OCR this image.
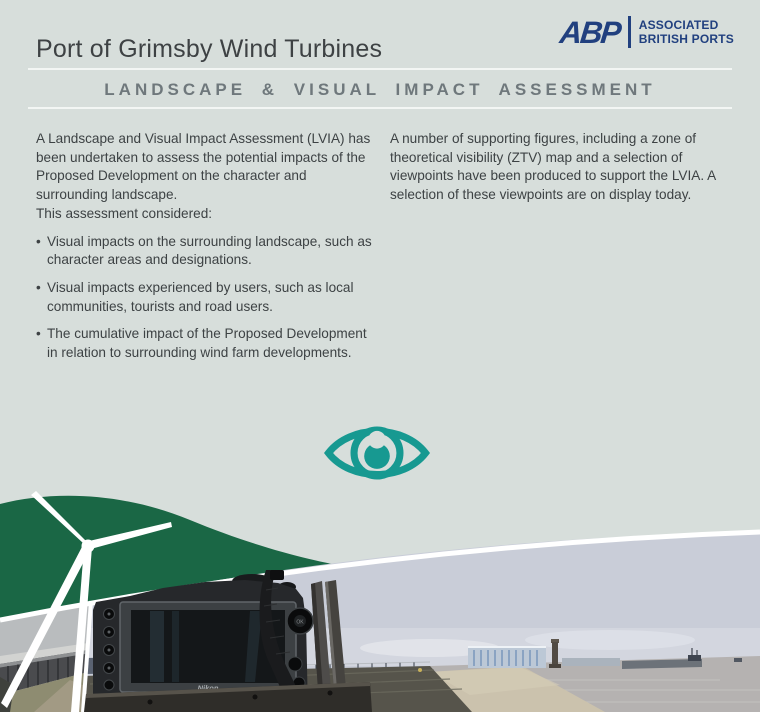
Port of Grimsby Wind Turbines	ABP ASSOCIATED
BRITISH PORTS
LANDSCAPE & VISUAL IMPACT ASSESSMENT

A Landscape and Visual Impact Assessment (LVIA) has been undertaken to assess the potential impacts of the Proposed Development on the character and surrounding landscape.

This assessment considered:

• Visual impacts on the surrounding landscape, such as character areas and designations.
• Visual impacts experienced by users, such as local communities, tourists and road users.
• The cumulative impact of the Proposed Development in relation to surrounding wind farm developments.

A number of supporting figures, including a zone of theoretical visibility (ZTV) map and a selection of viewpoints have been produced to support the LVIA. A selection of these viewpoints are on display today.

Nikon
OK
